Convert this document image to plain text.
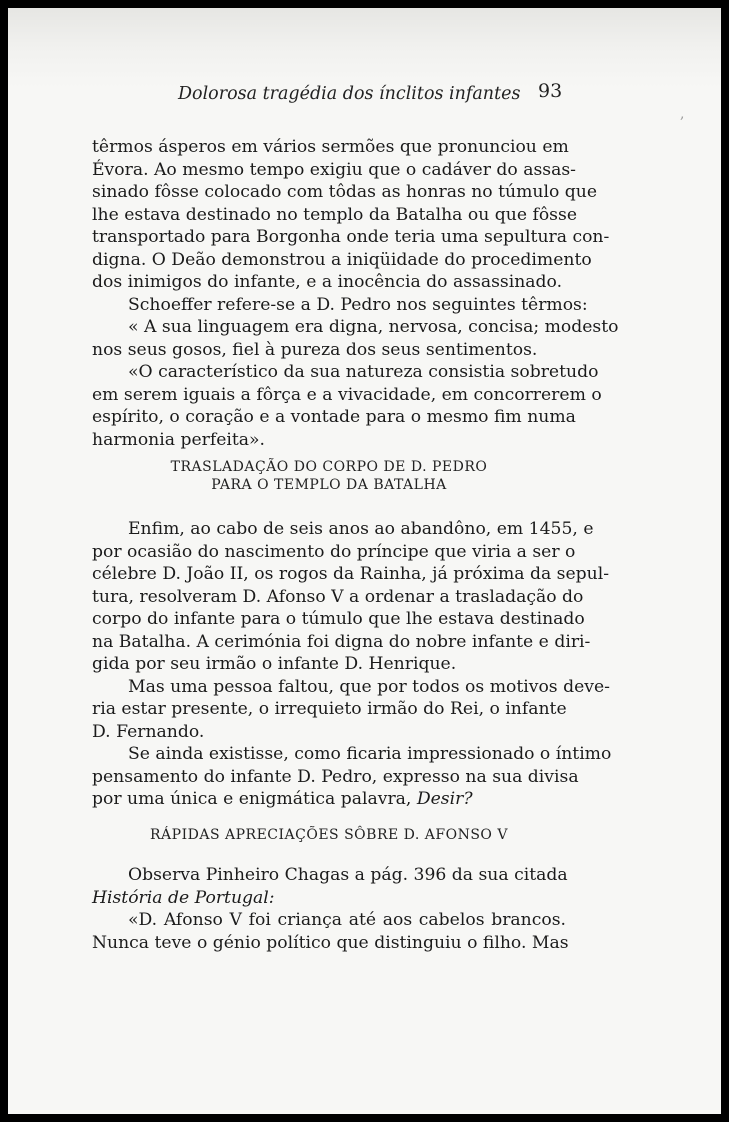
Dolorosa tragédia dos ínclitos infantes 93
,
têrmos ásperos em vários sermões que pronunciou em
Évora. Ao mesmo tempo exigiu que o cadáver do assas-
sinado fôsse colocado com tôdas as honras no túmulo que
lhe estava destinado no templo da Batalha ou que fôsse
transportado para Borgonha onde teria uma sepultura con-
digna. O Deão demonstrou a iniqüidade do procedimento
dos inimigos do infante, e a inocência do assassinado.
Schoeffer refere-se a D. Pedro nos seguintes têrmos:
« A sua linguagem era digna, nervosa, concisa; modesto
nos seus gosos, fiel à pureza dos seus sentimentos.
«O característico da sua natureza consistia sobretudo
em serem iguais a fôrça e a vivacidade, em concorrerem o
espírito, o coração e a vontade para o mesmo fim numa
harmonia perfeita».
TRASLADAÇÃO DO CORPO DE D. PEDRO
PARA O TEMPLO DA BATALHA
Enfim, ao cabo de seis anos ao abandôno, em 1455, e
por ocasião do nascimento do príncipe que viria a ser o
célebre D. João II, os rogos da Rainha, já próxima da sepul-
tura, resolveram D. Afonso V a ordenar a trasladação do
corpo do infante para o túmulo que lhe estava destinado
na Batalha. A cerimónia foi digna do nobre infante e diri-
gida por seu irmão o infante D. Henrique.
Mas uma pessoa faltou, que por todos os motivos deve-
ria estar presente, o irrequieto irmão do Rei, o infante
D. Fernando.
Se ainda existisse, como ficaria impressionado o íntimo
pensamento do infante D. Pedro, expresso na sua divisa
por uma única e enigmática palavra, Desir?
RÁPIDAS APRECIAÇÕES SÔBRE D. AFONSO V
Observa Pinheiro Chagas a pág. 396 da sua citada
História de Portugal:
«D. Afonso V foi criança até aos cabelos brancos.
Nunca teve o génio político que distinguiu o filho. Mas
